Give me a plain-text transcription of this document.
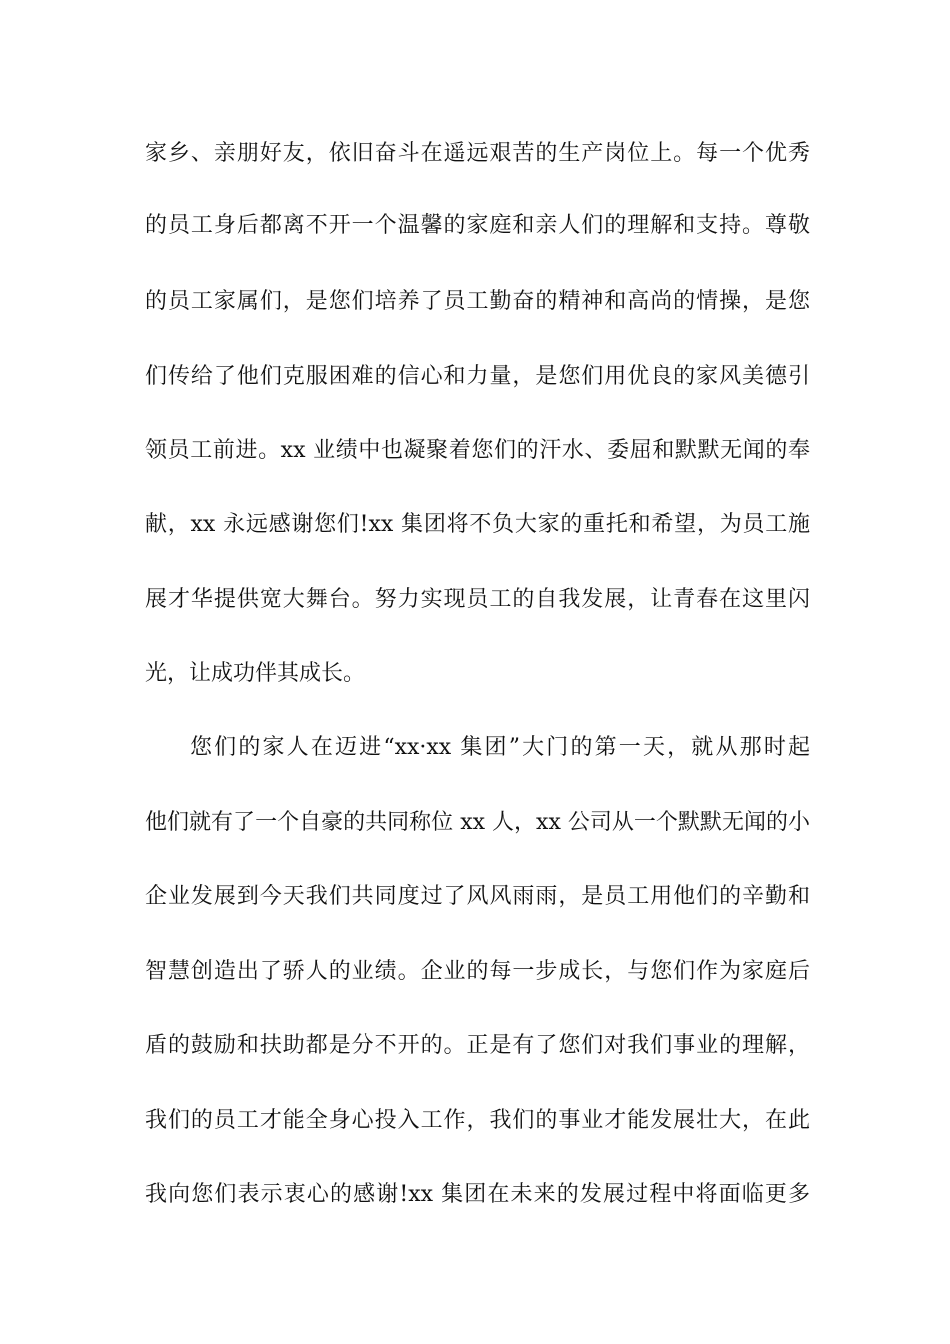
家乡、亲朋好友，依旧奋斗在遥远艰苦的生产岗位上。每一个优秀
的员工身后都离不开一个温馨的家庭和亲人们的理解和支持。尊敬
的员工家属们，是您们培养了员工勤奋的精神和高尚的情操，是您
们传给了他们克服困难的信心和力量，是您们用优良的家风美德引
领员工前进。xx 业绩中也凝聚着您们的汗水、委屈和默默无闻的奉
献，xx 永远感谢您们!xx 集团将不负大家的重托和希望，为员工施
展才华提供宽大舞台。努力实现员工的自我发展，让青春在这里闪
光，让成功伴其成长。
您们的家人在迈进“xx·xx 集团”大门的第一天，就从那时起
他们就有了一个自豪的共同称位 xx 人，xx 公司从一个默默无闻的小
企业发展到今天我们共同度过了风风雨雨，是员工用他们的辛勤和
智慧创造出了骄人的业绩。企业的每一步成长，与您们作为家庭后
盾的鼓励和扶助都是分不开的。正是有了您们对我们事业的理解，
我们的员工才能全身心投入工作，我们的事业才能发展壮大，在此
我向您们表示衷心的感谢!xx 集团在未来的发展过程中将面临更多
